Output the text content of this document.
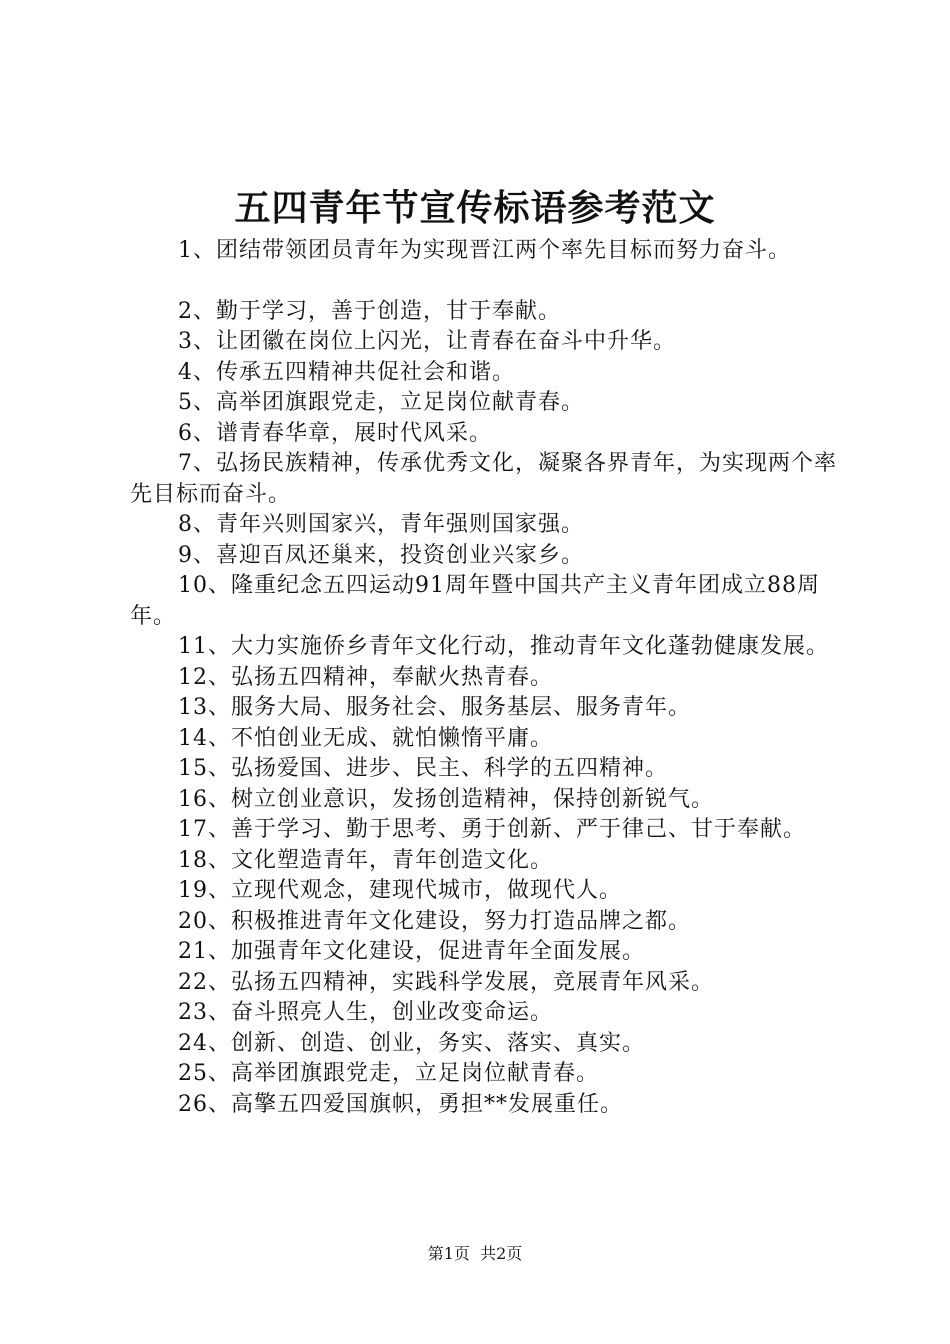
五四青年节宣传标语参考范文

1、团结带领团员青年为实现晋江两个率先目标而努力奋斗。

2、勤于学习，善于创造，甘于奉献。

3、让团徽在岗位上闪光，让青春在奋斗中升华。

4、传承五四精神共促社会和谐。

5、高举团旗跟党走，立足岗位献青春。

6、谱青春华章，展时代风采。

7、弘扬民族精神，传承优秀文化，凝聚各界青年，为实现两个率先目标而奋斗。

8、青年兴则国家兴，青年强则国家强。

9、喜迎百凤还巢来，投资创业兴家乡。

10、隆重纪念五四运动91周年暨中国共产主义青年团成立88周年。

11、大力实施侨乡青年文化行动，推动青年文化蓬勃健康发展。

12、弘扬五四精神，奉献火热青春。

13、服务大局、服务社会、服务基层、服务青年。

14、不怕创业无成、就怕懒惰平庸。

15、弘扬爱国、进步、民主、科学的五四精神。

16、树立创业意识，发扬创造精神，保持创新锐气。

17、善于学习、勤于思考、勇于创新、严于律己、甘于奉献。

18、文化塑造青年，青年创造文化。

19、立现代观念，建现代城市，做现代人。

20、积极推进青年文化建设，努力打造品牌之都。

21、加强青年文化建设，促进青年全面发展。

22、弘扬五四精神，实践科学发展，竞展青年风采。

23、奋斗照亮人生，创业改变命运。

24、创新、创造、创业，务实、落实、真实。

25、高举团旗跟党走，立足岗位献青春。

26、高擎五四爱国旗帜，勇担**发展重任。

第1页 共2页
